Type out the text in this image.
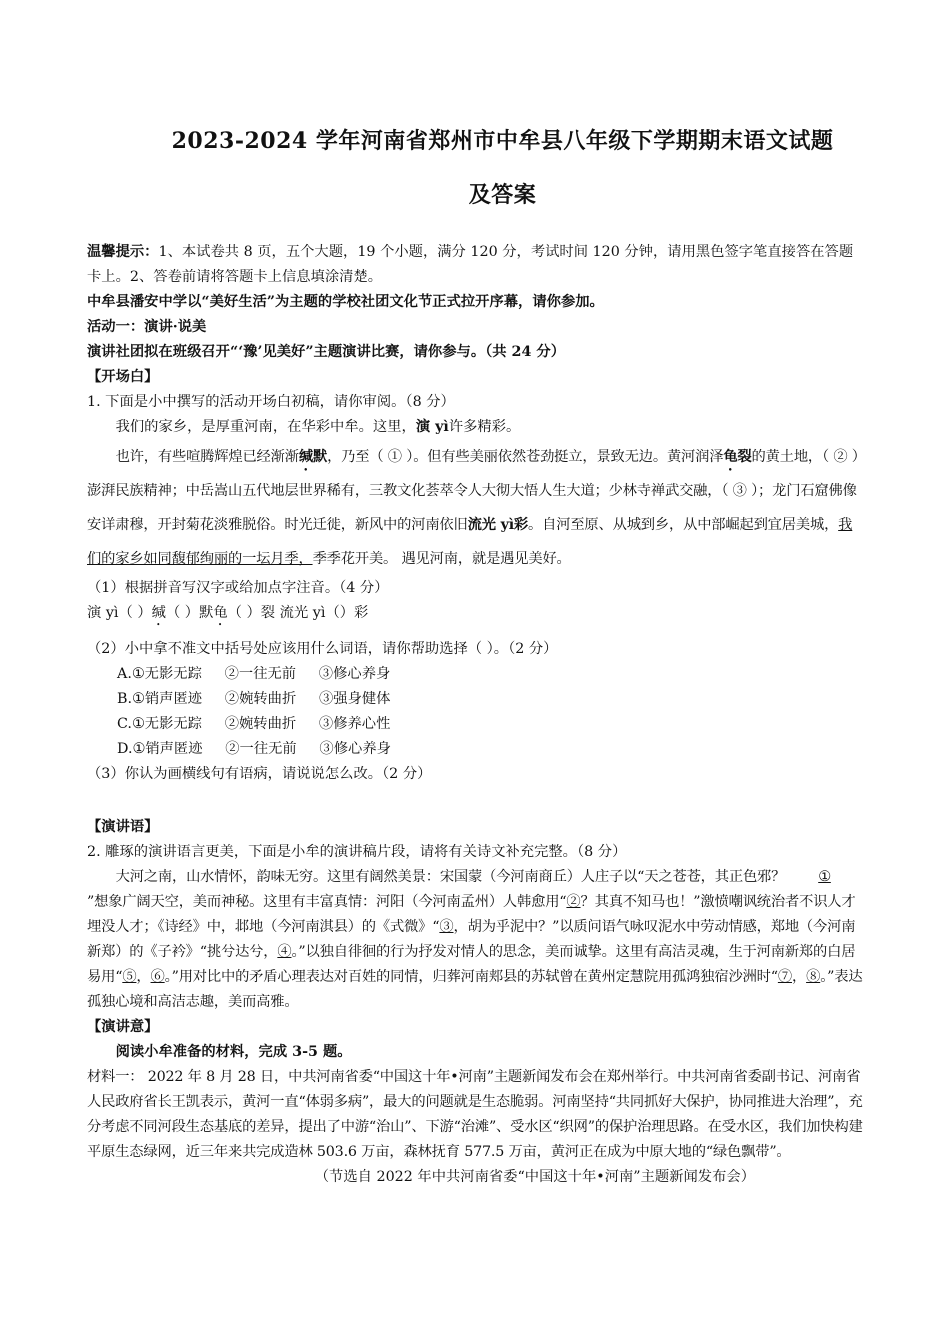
2023-2024 学年河南省郑州市中牟县八年级下学期期末语文试题
及答案

温馨提示：1、本试卷共 8 页，五个大题，19 个小题，满分 120 分，考试时间 120 分钟，请用黑色签字笔直接答在答题卡上。2、答卷前请将答题卡上信息填涂清楚。

中牟县潘安中学以“美好生活”为主题的学校社团文化节正式拉开序幕，请你参加。

活动一：演讲·说美

演讲社团拟在班级召开“‘豫’见美好”主题演讲比赛，请你参与。（共 24 分）

【开场白】

1. 下面是小中撰写的活动开场白初稿，请你审阅。（8 分）

我们的家乡，是厚重河南，在华彩中牟。这里，演 yì许多精彩。

也许，有些喧腾辉煌已经渐渐缄默，乃至（ ① ）。但有些美丽依然苍劲挺立，景致无边。黄河润泽龟裂的黄土地，（ ② ）澎湃民族精神；中岳嵩山五代地层世界稀有，三教文化荟萃令人大彻大悟人生大道；少林寺禅武交融，（ ③ ）；龙门石窟佛像安详肃穆，开封菊花淡雅脱俗。时光迁徙，新风中的河南依旧流光 yì彩。自河至原、从城到乡，从中部崛起到宜居美城，我们的家乡如同馥郁绚丽的一坛月季，季季花开美。 遇见河南，就是遇见美好。

（1）根据拼音写汉字或给加点字注音。（4 分）

演 yì（ ）缄（ ）默龟（ ）裂 流光 yì（）彩

（2）小中拿不准文中括号处应该用什么词语，请你帮助选择（ ）。（2 分）

A.①无影无踪     ②一往无前     ③修心养身

B.①销声匿迹     ②婉转曲折     ③强身健体

C.①无影无踪     ②婉转曲折     ③修养心性

D.①销声匿迹     ②一往无前     ③修心养身

（3）你认为画横线句有语病，请说说怎么改。（2 分）

【演讲语】

2. 雕琢的演讲语言更美，下面是小牟的演讲稿片段，请将有关诗文补充完整。（8 分）

大河之南，山水情怀，韵味无穷。这里有阔然美景：宋国蒙（今河南商丘）人庄子以“天之苍苍，其正色邪？ ①”想象广阔天空，美而神秘。这里有丰富真情：河阳（今河南孟州）人韩愈用“②？其真不知马也！”激愤嘲讽统治者不识人才埋没人才；《诗经》中，邶地（今河南淇县）的《式微》“③，胡为乎泥中？”以质问语气咏叹泥水中劳动情感，郑地（今河南新郑）的《子衿》“挑兮达兮，④。”以独自徘徊的行为抒发对情人的思念，美而诚挚。这里有高洁灵魂，生于河南新郑的白居易用“⑤，⑥。”用对比中的矛盾心理表达对百姓的同情，归葬河南郏县的苏轼曾在黄州定慧院用孤鸿独宿沙洲时“⑦，⑧。”表达孤独心境和高洁志趣，美而高雅。

【演讲意】

阅读小牟准备的材料，完成 3-5 题。

材料一： 2022 年 8 月 28 日，中共河南省委“中国这十年•河南”主题新闻发布会在郑州举行。中共河南省委副书记、河南省人民政府省长王凯表示，黄河一直“体弱多病”，最大的问题就是生态脆弱。河南坚持“共同抓好大保护，协同推进大治理”，充分考虑不同河段生态基底的差异，提出了中游“治山”、下游“治滩”、受水区“织网”的保护治理思路。在受水区，我们加快构建平原生态绿网，近三年来共完成造林 503.6 万亩，森林抚育 577.5 万亩，黄河正在成为中原大地的“绿色飘带”。

（节选自 2022 年中共河南省委“中国这十年•河南”主题新闻发布会）
